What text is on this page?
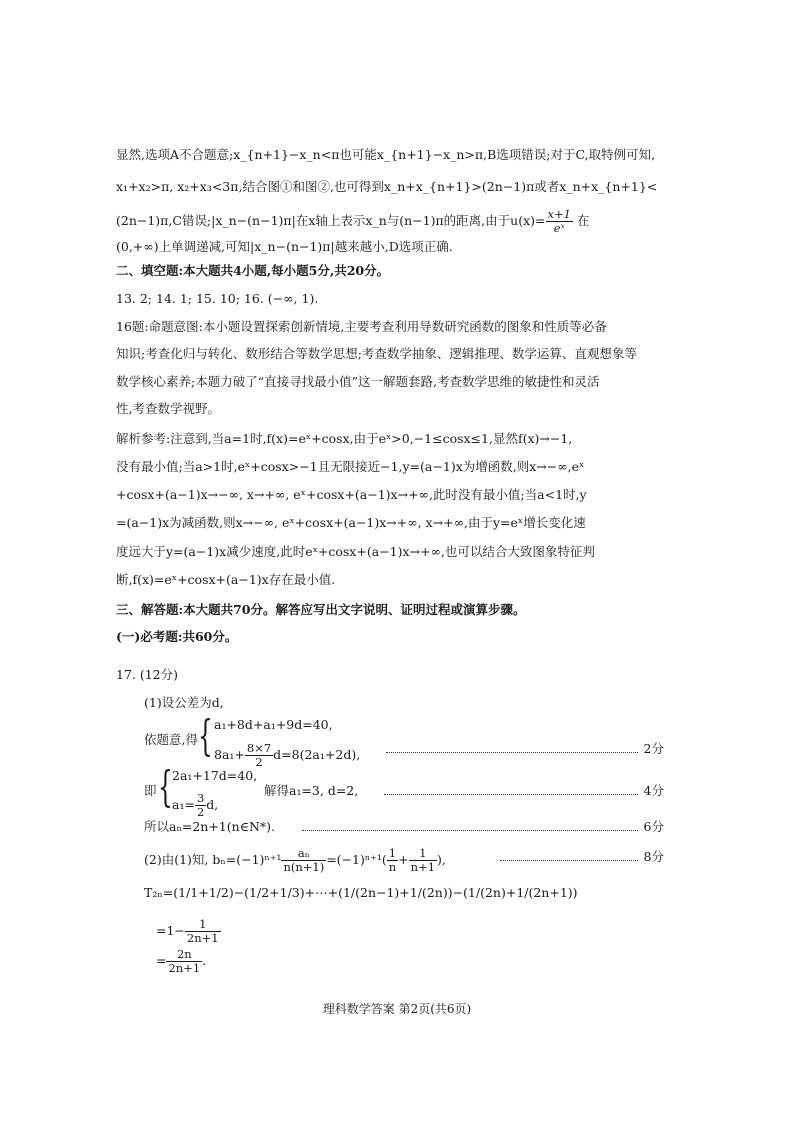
显然,选项A不合题意;x_{n+1}−x_n<π也可能x_{n+1}−x_n>π,B选项错误;对于C,取特例可知,
x₁+x₂>π, x₂+x₃<3π,结合图①和图②,也可得到x_n+x_{n+1}>(2n−1)π或者x_n+x_{n+1}<
(2n−1)π,C错误;|x_n−(n−1)π|在x轴上表示x_n与(n−1)π的距离,由于$u(x)= \frac{x+1}{\text{eˣ}}$ 在
(0,+∞)上单调递减,可知|x_n−(n−1)π|越来越小,D选项正确.
二、填空题:本大题共4小题,每小题5分,共20分。
13. 2; 14. 1; 15. 10; 16. (−∞, 1).
16题:命题意图:本小题设置探索创新情境,主要考查利用导数研究函数的图象和性质等必备
知识;考查化归与转化、数形结合等数学思想;考查数学抽象、逻辑推理、数学运算、直观想象等
数学核心素养;本题力破了“直接寻找最小值”这一解题套路,考查数学思维的敏捷性和灵活
性,考查数学视野。
解析参考:注意到,当a=1时,f(x)=eˣ+cosx,由于eˣ>0,−1≤cosx≤1,显然f(x)→−1,
没有最小值;当a>1时,eˣ+cosx>−1且无限接近−1,y=(a−1)x为增函数,则x→−∞,eˣ
+cosx+(a−1)x→−∞, x→+∞, eˣ+cosx+(a−1)x→+∞,此时没有最小值;当a<1时,y
=(a−1)x为减函数,则x→−∞, eˣ+cosx+(a−1)x→+∞, x→+∞,由于y=eˣ增长变化速
度远大于y=(a−1)x减少速度,此时eˣ+cosx+(a−1)x→+∞,也可以结合大致图象特征判
断,f(x)=eˣ+cosx+(a−1)x存在最小值.
三、解答题:本大题共70分。解答应写出文字说明、证明过程或演算步骤。
(一)必考题:共60分。
17. (12分)
(1)设公差为d,
依题意,得 { a₁+8d+a₁+9d=40,
$8a_1+ \frac{8\times 7}{2} d=8(2a_1+2d)$,	2分
即 { 2a₁+17d=40,
$a_1= \frac{3}{2} d$,
解得a₁=3, d=2,	4分
所以aₙ=2n+1(n∈N*).	6分
(2)由(1)知, $b_n=(-1)^{n+1} \frac{\text{aₙ}}{n(n+1)} =(-1)^{n+1}( \frac{1}{n} + \frac{1}{n+1}$ ),	8分
T₂ₙ=(1/1+1/2)−(1/2+1/3)+⋯+(1/(2n−1)+1/(2n))−(1/(2n)+1/(2n+1))
$=1- \frac{1}{2n+1}$
= $\frac{2n}{2n+1}$ .
理科数学答案 第2页(共6页)
